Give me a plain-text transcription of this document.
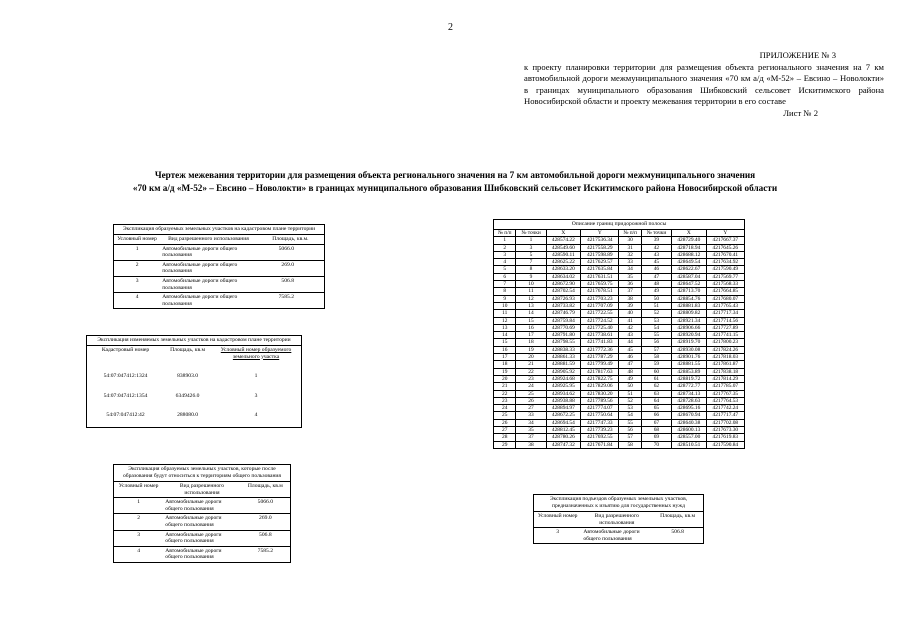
2
ПРИЛОЖЕНИЕ № 3
к проекту планировки территории для размещения объекта регионального значения на 7 км автомобильной дороги межмуниципального значения «70 км а/д «М-52» – Евсино – Новолокти» в границах муниципального образования Шибковский сельсовет Искитимского района Новосибирской области и проекту межевания территории в его составе
Лист № 2
Чертеж межевания территории для размещения объекта регионального значения на 7 км автомобильной дороги межмуниципального значения
«70 км а/д «М-52» – Евсино – Новолокти» в границах муниципального образования Шибковский сельсовет Искитимского района Новосибирской области
Экспликация образуемых земельных участков на кадастровом плане территории
Условный номер	Вид разрешенного использования	Площадь, кв.м.
1	Автомобильные дороги общего пользования	5066.0
2	Автомобильные дороги общего пользования	269.0
3	Автомобильные дороги общего пользования	506.8
4	Автомобильные дороги общего пользования	7585.2
Экспликация изменяемых земельных участков на кадастровом плане территории
Кадастровый номер	Площадь, кв.м	Условный номер образуемого земельного участка
54:07:047412:1324	838903.0	1
54:07:047412:1354	6349426.0	3
54:07:047412:42	288080.0	4
Экспликация образуемых земельных участков, которые после образования будут относиться к территориям общего пользования
Условный номер	Вид разрешенного использования	Площадь, кв.м
1	Автомобильные дороги общего пользования	5066.0
2	Автомобильные дороги общего пользования	269.0
3	Автомобильные дороги общего пользования	506.8
4	Автомобильные дороги общего пользования	7585.2
Описание границ придорожной полосы
№ п/п	№ точки	X	Y	№ п/п	№ точки	X	Y
1	1	428574.22	4217536.34	30	39	428729.40	4217667.37
2	3	428549.60	4217558.29	31	42	428718.94	4217645.26
3	5	428590.11	4217598.89	32	43	428688.12	4217670.41
4	7	428625.22	4217629.57	33	45	428649.54	4217634.92
5	8	428633.20	4217635.84	34	46	428622.67	4217590.49
6	9	428634.02	4217631.51	35	47	428587.04	4217569.77
7	10	428672.90	4217659.75	36	48	428647.52	4217568.33
8	11	428702.54	4217678.51	37	49	428713.70	4217664.85
9	12	428726.93	4217703.23	38	50	428854.76	4217680.07
10	13	428733.82	4217707.09	39	51	428881.83	4217765.43
11	14	428746.79	4217722.55	40	52	428809.82	4217717.34
12	15	428759.84	4217724.52	41	53	428921.34	4217714.56
13	16	428770.69	4217725.40	42	54	428906.66	4217727.89
14	17	428791.80	4217738.61	43	55	428920.94	4217741.15
15	18	428798.55	4217741.83	44	56	428919.70	4217800.23
16	19	428838.33	4217772.36	45	57	428930.08	4217824.26
17	20	428861.33	4217787.29	46	58	428901.76	4217818.03
18	21	428881.59	4217799.49	47	59	428881.55	4217861.87
19	22	428905.92	4217817.63	48	60	428853.89	4217838.18
20	23	428924.68	4217822.75	49	61	428819.72	4217814.29
21	24	428925.95	4217829.06	50	62	428772.77	4217785.07
22	25	428934.62	4217830.20	51	63	428734.13	4217767.35
23	26	428938.88	4217789.56	52	64	428728.63	4217764.53
24	27	428894.97	4217774.07	53	65	428695.16	4217742.24
25	33	428672.25	4217750.64	54	66	428670.94	4217717.47
26	34	428694.54	4217747.33	55	67	428640.38	4217702.08
27	35	428812.45	4217739.23	56	68	428600.13	4217673.30
28	37	428780.26	4217692.55	57	69	428557.00	4217619.83
29	38	428747.32	4217671.84	58	70	428510.51	4217590.84
Экспликация подъездов образуемых земельных участков, предназначенных к изъятию для государственных нужд
Условный номер	Вид разрешенного использования	Площадь, кв.м
3	Автомобильные дороги общего пользования	506.8
